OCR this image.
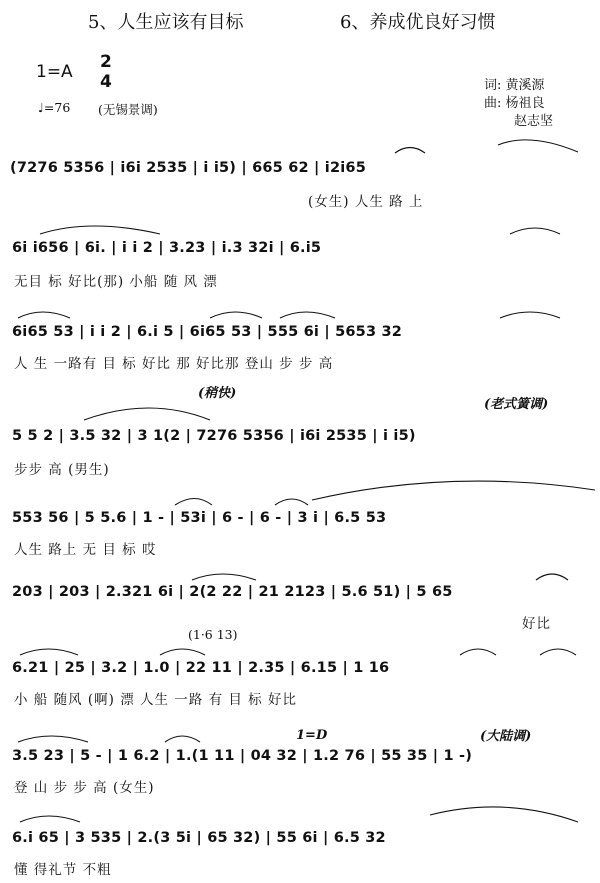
5、人生应该有目标	6、养成优良好习惯
1=A 2
4
♩=76 (无锡景调)
词: 黄溪源
曲: 杨祖良
赵志坚
(稍快)
(老式簧调)
(1·6 13)
1=D	(大陆调)
(7276 5356 | i6i 2535 | i i5) | 665 62 | i2i65
(女生) 人生 路 上
6i i656 | 6i. | i i 2 | 3.23 | i.3 32i | 6.i5
无目 标 好比(那) 小船 随 风 漂
6i65 53 | i i 2 | 6.i 5 | 6i65 53 | 555 6i | 5653 32
人 生 一路有 目 标 好比 那 好比那 登山 步 步 高
5 5 2 | 3.5 32 | 3 1(2 | 7276 5356 | i6i 2535 | i i5)
步步 高 (男生)
553 56 | 5 5.6 | 1 - | 53i | 6 - | 6 - | 3 i | 6.5 53
人生 路上 无 目 标 哎
203 | 203 | 2.321 6i | 2(2 22 | 21 2123 | 5.6 51) | 5 65
好比
6.21 | 25 | 3.2 | 1.0 | 22 11 | 2.35 | 6.15 | 1 16
小 船 随风 (啊) 漂 人生 一路 有 目 标 好比
3.5 23 | 5 - | 1 6.2 | 1.(1 11 | 04 32 | 1.2 76 | 55 35 | 1 -)
登 山 步 步 高 (女生)
6.i 65 | 3 535 | 2.(3 5i | 65 32) | 55 6i | 6.5 32
懂 得礼节 不粗
